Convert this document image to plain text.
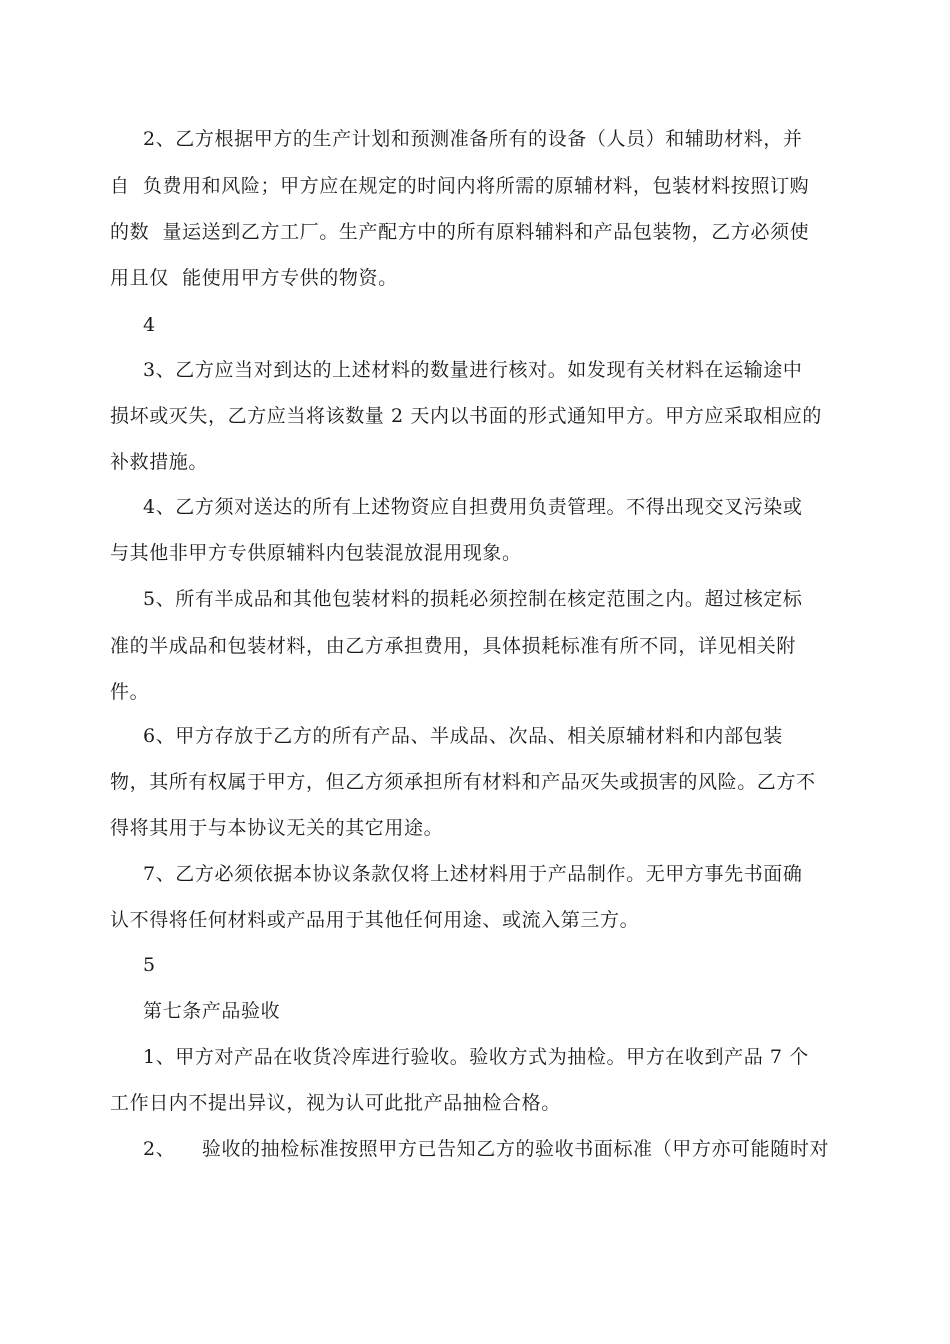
2、乙方根据甲方的生产计划和预测准备所有的设备（人员）和辅助材料，并
自  负费用和风险；甲方应在规定的时间内将所需的原辅材料，包装材料按照订购
的数  量运送到乙方工厂。生产配方中的所有原料辅料和产品包装物，乙方必须使
用且仅  能使用甲方专供的物资。
4
3、乙方应当对到达的上述材料的数量进行核对。如发现有关材料在运输途中
损坏或灭失，乙方应当将该数量 2 天内以书面的形式通知甲方。甲方应采取相应的
补救措施。
4、乙方须对送达的所有上述物资应自担费用负责管理。不得出现交叉污染或
与其他非甲方专供原辅料内包装混放混用现象。
5、所有半成品和其他包装材料的损耗必须控制在核定范围之内。超过核定标
准的半成品和包装材料，由乙方承担费用，具体损耗标准有所不同，详见相关附
件。
6、甲方存放于乙方的所有产品、半成品、次品、相关原辅材料和内部包装
物，其所有权属于甲方，但乙方须承担所有材料和产品灭失或损害的风险。乙方不
得将其用于与本协议无关的其它用途。
7、乙方必须依据本协议条款仅将上述材料用于产品制作。无甲方事先书面确
认不得将任何材料或产品用于其他任何用途、或流入第三方。
5
第七条产品验收
1、甲方对产品在收货冷库进行验收。验收方式为抽检。甲方在收到产品 7 个
工作日内不提出异议，视为认可此批产品抽检合格。
2、    验收的抽检标准按照甲方已告知乙方的验收书面标准（甲方亦可能随时对
